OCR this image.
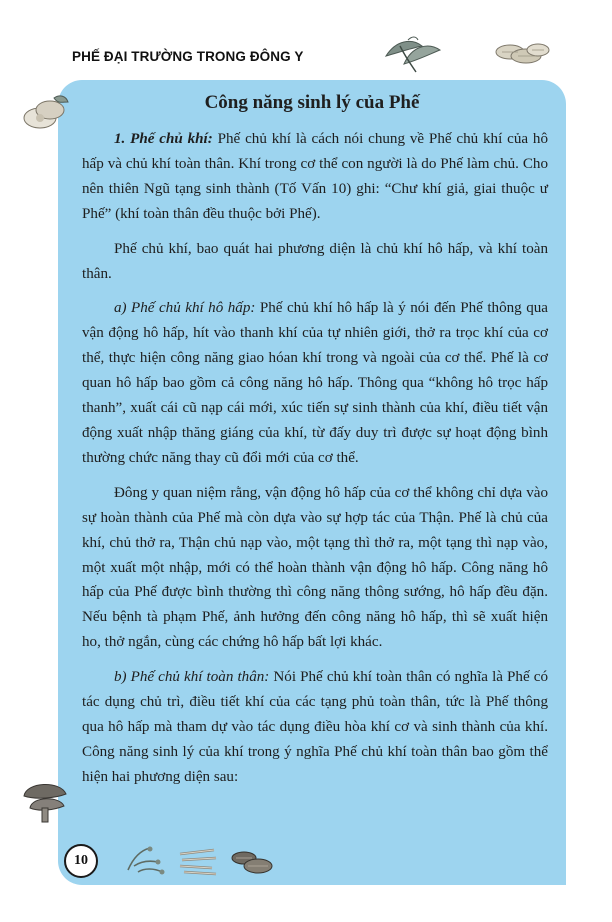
PHẾ ĐẠI TRƯỜNG TRONG ĐÔNG Y
Công năng sinh lý của Phế

1. Phế chủ khí: Phế chủ khí là cách nói chung về Phế chủ khí của hô hấp và chủ khí toàn thân. Khí trong cơ thể con người là do Phế làm chủ. Cho nên thiên Ngũ tạng sinh thành (Tố Vấn 10) ghi: “Chư khí giả, giai thuộc ư Phế” (khí toàn thân đều thuộc bởi Phế).

Phế chủ khí, bao quát hai phương diện là chủ khí hô hấp, và khí toàn thân.

a) Phế chủ khí hô hấp: Phế chủ khí hô hấp là ý nói đến Phế thông qua vận động hô hấp, hít vào thanh khí của tự nhiên giới, thở ra trọc khí của cơ thể, thực hiện công năng giao hóan khí trong và ngoài của cơ thể. Phế là cơ quan hô hấp bao gồm cả công năng hô hấp. Thông qua “không hô trọc hấp thanh”, xuất cái cũ nạp cái mới, xúc tiến sự sinh thành của khí, điều tiết vận động xuất nhập thăng giáng của khí, từ đấy duy trì được sự hoạt động bình thường chức năng thay cũ đổi mới của cơ thể.

Đông y quan niệm rằng, vận động hô hấp của cơ thể không chỉ dựa vào sự hoàn thành của Phế mà còn dựa vào sự hợp tác của Thận. Phế là chủ của khí, chủ thở ra, Thận chủ nạp vào, một tạng thì thở ra, một tạng thì nạp vào, một xuất một nhập, mới có thể hoàn thành vận động hô hấp. Công năng hô hấp của Phế được bình thường thì công năng thông sướng, hô hấp đều đặn. Nếu bệnh tà phạm Phế, ảnh hưởng đến công năng hô hấp, thì sẽ xuất hiện ho, thở ngắn, cùng các chứng hô hấp bất lợi khác.

b) Phế chủ khí toàn thân: Nói Phế chủ khí toàn thân có nghĩa là Phế có tác dụng chủ trì, điều tiết khí của các tạng phủ toàn thân, tức là Phế thông qua hô hấp mà tham dự vào tác dụng điều hòa khí cơ và sinh thành của khí. Công năng sinh lý của khí trong ý nghĩa Phế chủ khí toàn thân bao gồm thể hiện hai phương diện sau:

10
